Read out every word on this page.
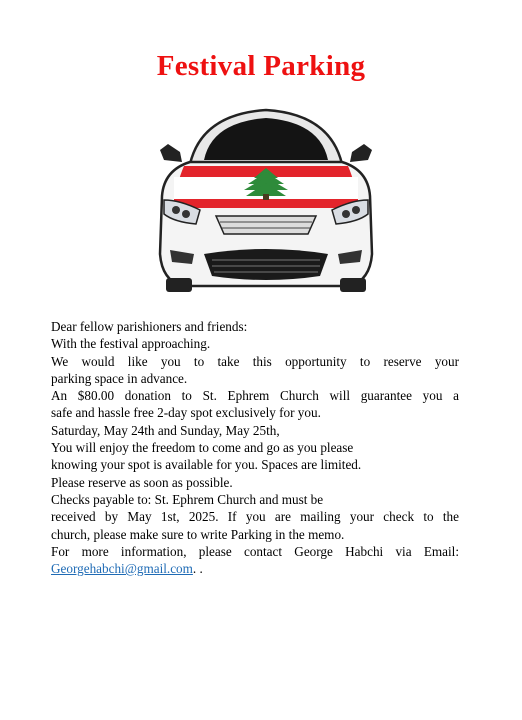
Festival Parking
Dear fellow parishioners and friends:
With the festival approaching.
We would like you to take this opportunity to reserve your
parking space in advance.
An $80.00 donation to St. Ephrem Church will guarantee you a
safe and hassle free 2-day spot exclusively for you.
Saturday, May 24th and Sunday, May 25th,
You will enjoy the freedom to come and go as you please
knowing your spot is available for you. Spaces are limited.
Please reserve as soon as possible.
Checks payable to: St. Ephrem Church and must be
received by May 1st, 2025. If you are mailing your check to the
church, please make sure to write Parking in the memo.
For more information, please contact George Habchi via Email:
Georgehabchi@gmail.com. .
